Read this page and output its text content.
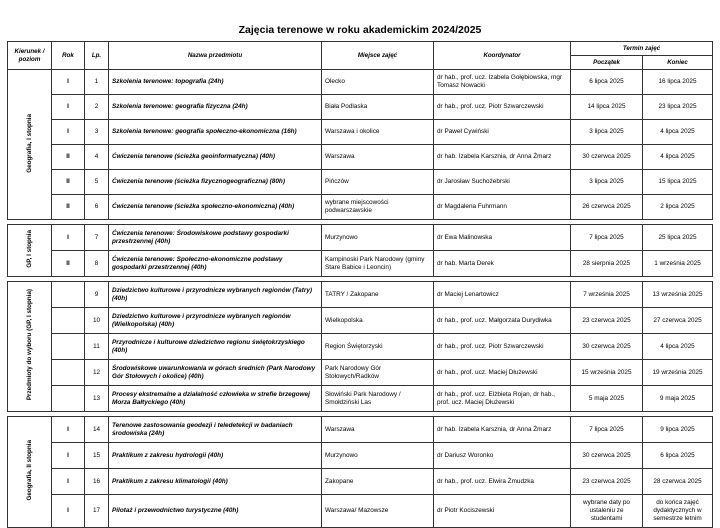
Zajęcia terenowe w roku akademickim 2024/2025
Kierunek / poziom	Rok	Lp.	Nazwa przedmiotu	Miejsce zajęć	Koordynator	Termin zajęć	
						Początek	Koniec
Geografia, I stopnia	I	1	Szkolenia terenowe: topografia (24h)	Olecko	dr hab., prof. ucz. Izabela Gołębiowska, mgr Tomasz Nowacki	6 lipca 2025	16 lipca 2025
	I	2	Szkolenia terenowe: geografia fizyczna (24h)	Biała Podlaska	dr hab., prof. ucz. Piotr Szwarczewski	14 lipca 2025	23 lipca 2025
	I	3	Szkolenia terenowe: geografia społeczno-ekonomiczna (16h)	Warszawa i okolice	dr Paweł Cywiński	3 lipca 2025	4 lipca 2025
	II	4	Ćwiczenia terenowe (ścieżka geoinformatyczna) (40h)	Warszawa	dr hab. Izabela Karsznia, dr Anna Żmarz	30 czerwca 2025	4 lipca 2025
	II	5	Ćwiczenia terenowe (ścieżka fizycznogeograficzna) (80h)	Pińczów	dr Jarosław Suchożebrski	3 lipca 2025	15 lipca 2025
	II	6	Ćwiczenia terenowe (ścieżka społeczno-ekonomiczna) (40h)	wybrane miejscowości podwarszawskie	dr Magdalena Fuhrmann	26 czerwca 2025	2 lipca 2025

GP, I stopnia	I	7	Ćwiczenia terenowe: Środowiskowe podstawy gospodarki przestrzennej (40h)	Murzynowo	dr Ewa Malinowska	7 lipca 2025	25 lipca 2025
	II	8	Ćwiczenia terenowe: Społeczno-ekonomiczne podstawy gospodarki przestrzennej (40h)	Kampinoski Park Narodowy (gminy Stare Babice i Leoncin)	dr hab. Marta Derek	28 sierpnia 2025	1 września 2025

Przedmioty do wyboru (GP, I stopnia)		9	Dziedzictwo kulturowe i przyrodnicze wybranych regionów (Tatry) (40h)	TATRY / Zakopane	dr Maciej Lenartowicz	7 września 2025	13 września 2025
		10	Dziedzictwo kulturowe i przyrodnicze wybranych regionów (Wielkopolska) (40h)	Wielkopolska	dr hab., prof. ucz. Małgorzata Durydiwka	23 czerwca 2025	27 czerwca 2025
		11	Przyrodnicze i kulturowe dziedzictwo regionu świętokrzyskiego (40h)	Region Świętorzyski	dr hab., prof. ucz. Piotr Szwarczewski	30 czerwca 2025	4 lipca 2025
		12	Środowiskowe uwarunkowania w górach średnich (Park Narodowy Gór Stołowych i okolice) (40h)	Park Narodowy Gór Stołowych/Radków	dr hab., prof. ucz. Maciej Dłużewski	15 września 2025	19 września 2025
		13	Procesy ekstremalne a działalność człowieka w strefie brzegowej Morza Bałtyckiego (40h)	Słowiński Park Narodowy / Smołdziński Las	dr hab., prof. ucz. Elżbieta Rojan, dr hab., prof. ucz. Maciej Dłużewski	5 maja 2025	9 maja 2025

Geografia, II stopnia	I	14	Terenowe zastosowania geodezji i teledetekcji w badaniach środowiska (24h)	Warszawa	dr hab. Izabela Karsznia, dr Anna Żmarz	7 lipca 2025	9 lipca 2025
	I	15	Praktikum z zakresu hydrologii (40h)	Murzynowo	dr Dariusz Woronko	30 czerwca 2025	6 lipca 2025
	I	16	Praktikum z zakresu klimatologii (40h)	Zakopane	dr hab., prof. ucz. Elwira Żmudzka	23 czerwca 2025	28 czerwca 2025
	I	17	Pilotaż i przewodnictwo turystyczne (40h)	Warszawa/ Mazowsze	dr Piotr Kociszewski	wybrane daty po ustaleniu ze studentami	do końca zajęć dydaktycznych w semestrze letnim
